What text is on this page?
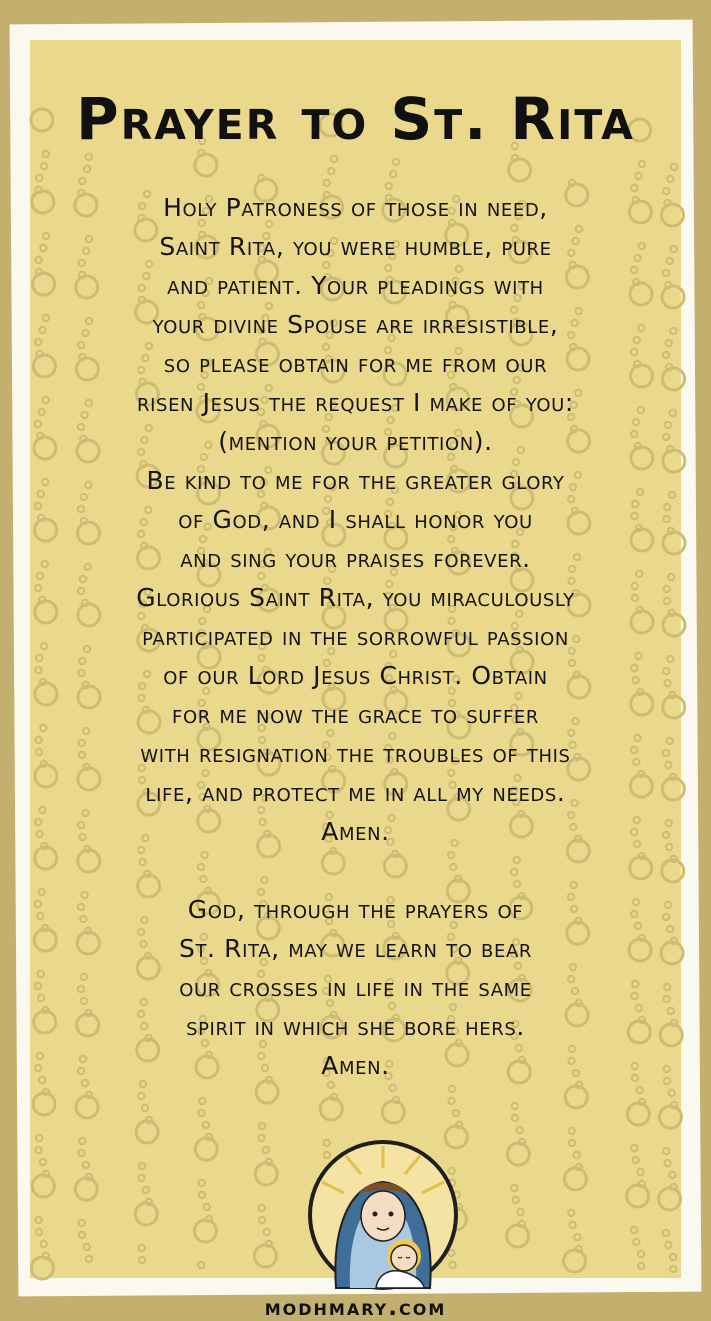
Prayer to St. Rita

Holy Patroness of those in need,

Saint Rita, you were humble, pure

and patient. Your pleadings with

your divine Spouse are irresistible,

so please obtain for me from our

risen Jesus the request I make of you:

(mention your petition).

Be kind to me for the greater glory

of God, and I shall honor you

and sing your praises forever.

Glorious Saint Rita, you miraculously

participated in the sorrowful passion

of our Lord Jesus Christ. Obtain

for me now the grace to suffer

with resignation the troubles of this

life, and protect me in all my needs.

Amen.

God, through the prayers of

St. Rita, may we learn to bear

our crosses in life in the same

spirit in which she bore hers.

Amen.

modhmary.com
